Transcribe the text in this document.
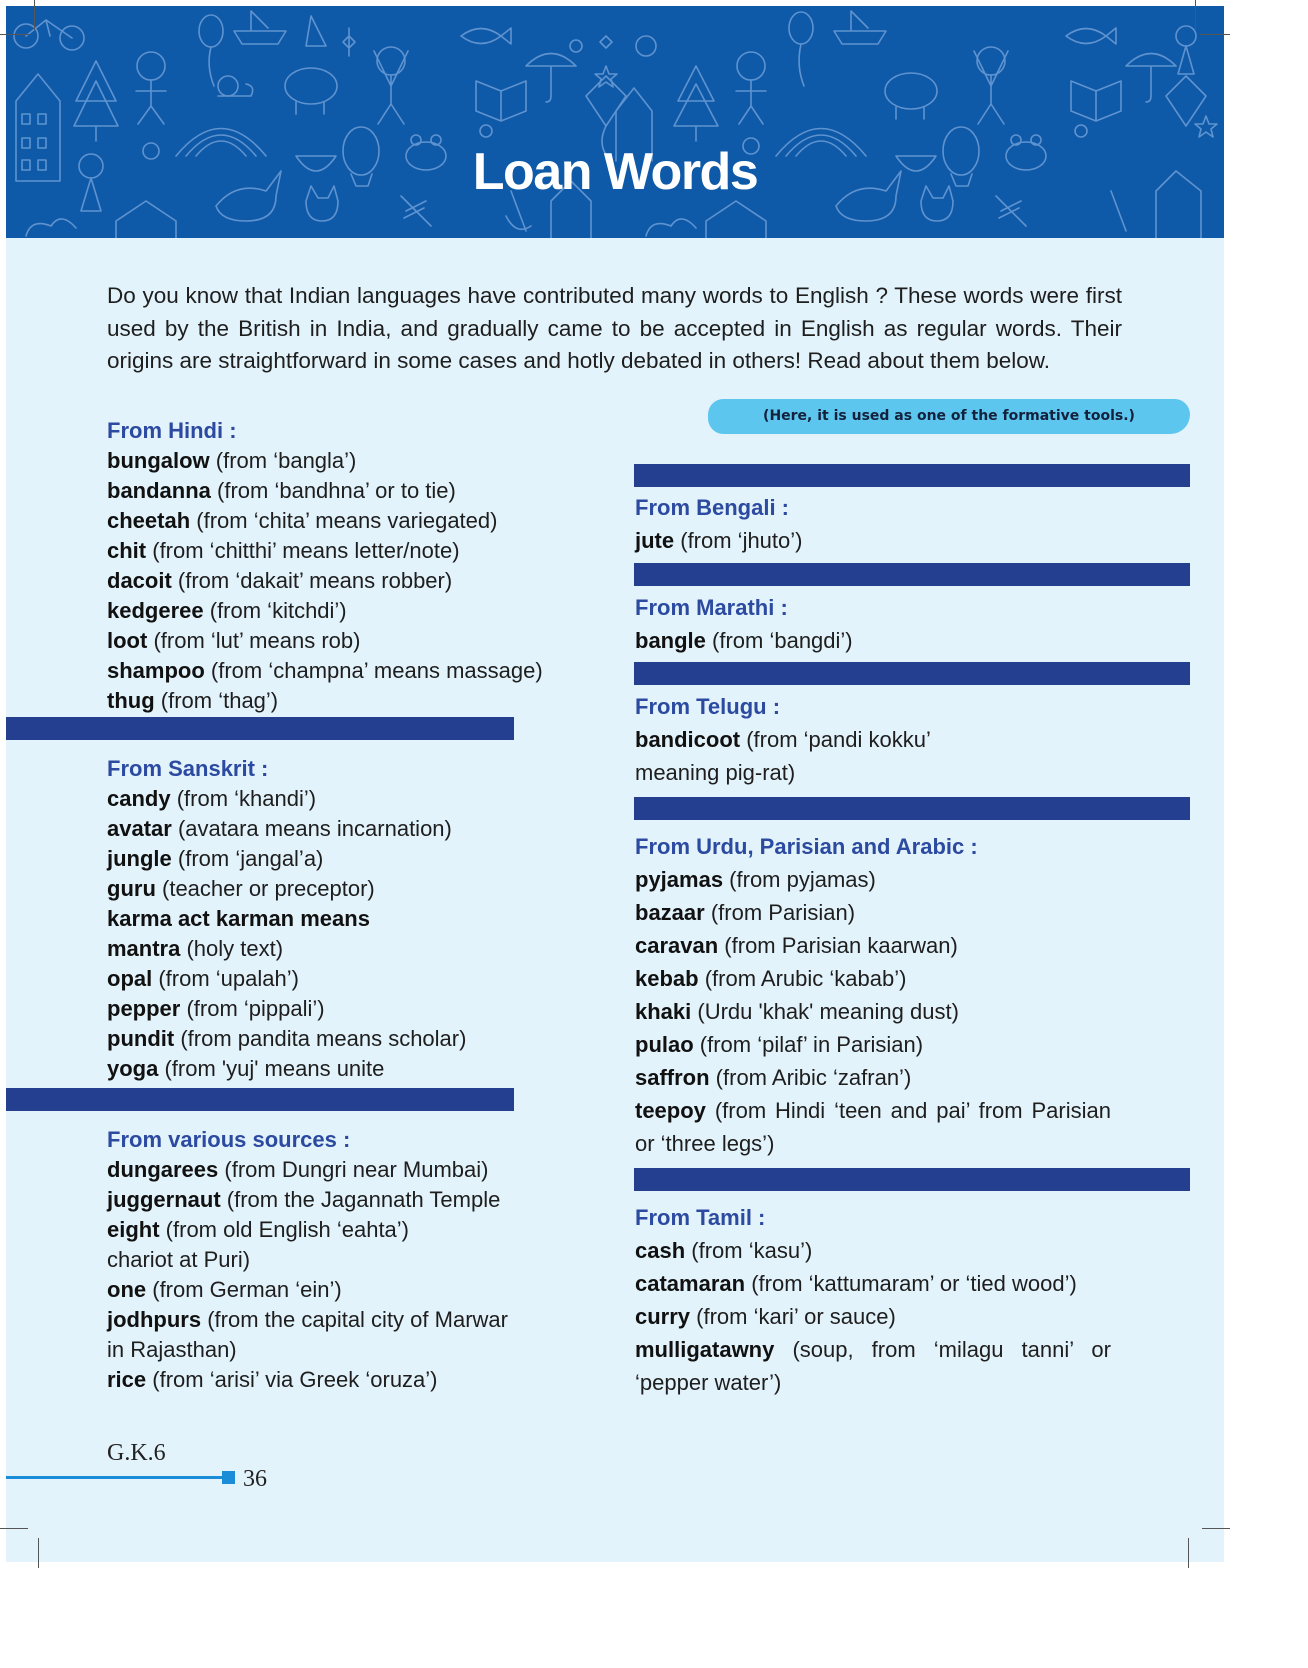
Loan Words
Do you know that Indian languages have contributed many words to English ? These words were first used by the British in India, and gradually came to be accepted in English as regular words. Their origins are straightforward in some cases and hotly debated in others! Read about them below.
(Here, it is used as one of the formative tools.)
From Hindi :
bungalow (from ‘bangla’)
bandanna (from ‘bandhna’ or to tie)
cheetah (from ‘chita’ means variegated)
chit (from ‘chitthi’ means letter/note)
dacoit (from ‘dakait’ means robber)
kedgeree (from ‘kitchdi’)
loot (from ‘lut’ means rob)
shampoo (from ‘champna’ means massage)
thug (from ‘thag’)
From Sanskrit :
candy (from ‘khandi’)
avatar (avatara means incarnation)
jungle (from ‘jangal’a)
guru (teacher or preceptor)
karma act karman means
mantra (holy text)
opal (from ‘upalah’)
pepper (from ‘pippali’)
pundit (from pandita means scholar)
yoga (from 'yuj' means unite
From various sources :
dungarees (from Dungri near Mumbai)
juggernaut (from the Jagannath Temple
eight (from old English ‘eahta’)
chariot at Puri)
one (from German ‘ein’)
jodhpurs (from the capital city of Marwar
in Rajasthan)
rice (from ‘arisi’ via Greek ‘oruza’)
From Bengali :
jute (from ‘jhuto’)
From Marathi :
bangle (from ‘bangdi’)
From Telugu :
bandicoot (from ‘pandi kokku’
meaning pig-rat)
From Urdu, Parisian and Arabic :
pyjamas (from pyjamas)
bazaar (from Parisian)
caravan (from Parisian kaarwan)
kebab (from Arubic ‘kabab’)
khaki (Urdu 'khak' meaning dust)
pulao (from ‘pilaf’ in Parisian)
saffron (from Aribic ‘zafran’)
teepoy (from Hindi ‘teen and pai’ from Parisian or ‘three legs’)
From Tamil :
cash (from ‘kasu’)
catamaran (from ‘kattumaram’ or ‘tied wood’)
curry (from ‘kari’ or sauce)
mulligatawny (soup, from ‘milagu tanni’ or ‘pepper water’)
G.K.6
36
